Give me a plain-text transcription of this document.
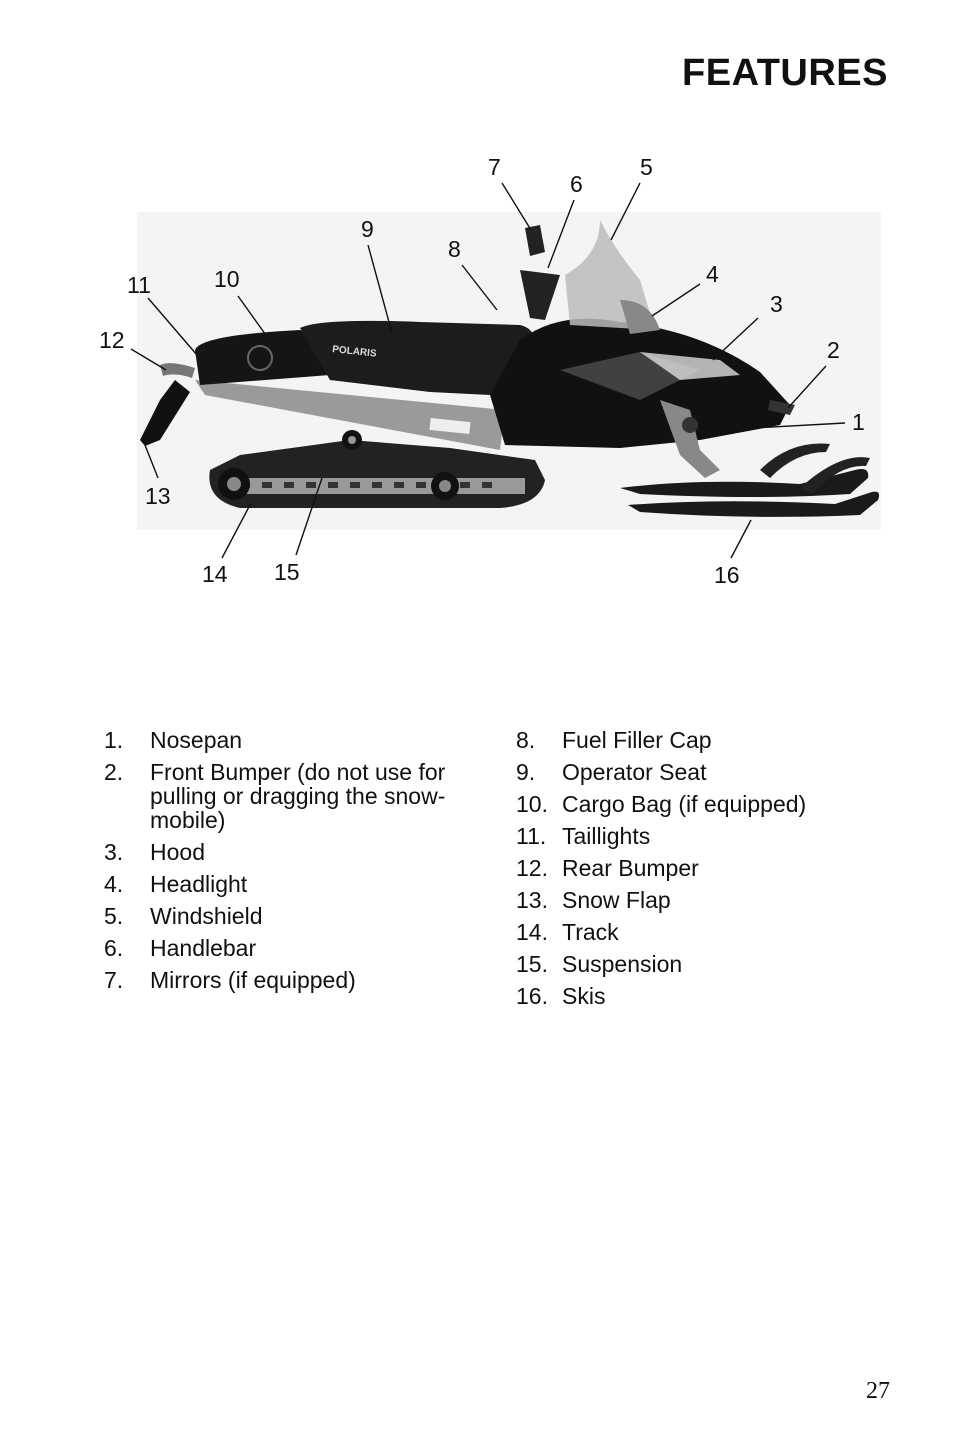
FEATURES
POLARIS
1
2
3
4
5
6
7
8
9
10
11
12
13
14 15	16
1.	Nosepan
2.	Front Bumper (do not use for pulling or dragging the snow- mobile)
3.	Hood
4.	Headlight
5.	Windshield
6.	Handlebar
7.	Mirrors (if equipped)
8.	Fuel Filler Cap
9.	Operator Seat
10. Cargo Bag (if equipped)
11. Taillights
12. Rear Bumper
13. Snow Flap
14. Track
15. Suspension
16. Skis
27
